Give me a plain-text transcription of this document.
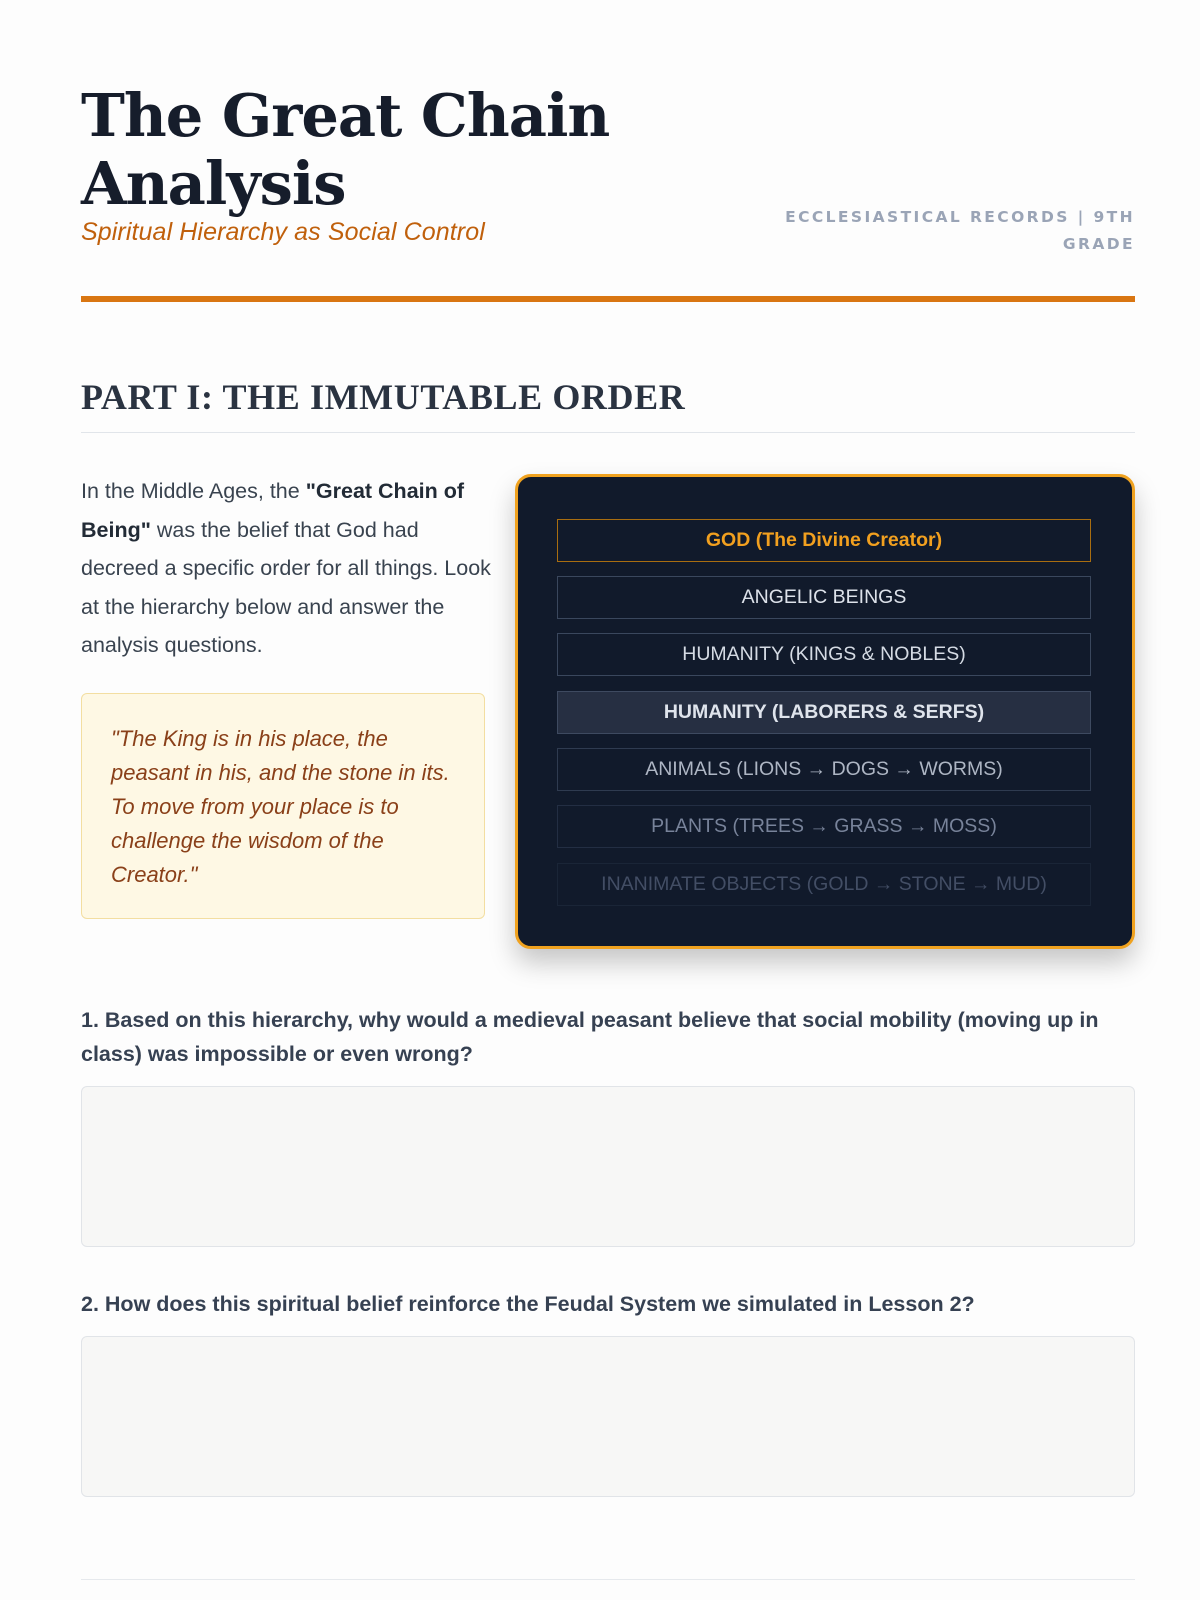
The Great Chain Analysis
Spiritual Hierarchy as Social Control
ECCLESIASTICAL RECORDS | 9TH GRADE
PART I: THE IMMUTABLE ORDER

In the Middle Ages, the "Great Chain of Being" was the belief that God had decreed a specific order for all things. Look at the hierarchy below and answer the analysis questions.

"The King is in his place, the peasant in his, and the stone in its. To move from your place is to challenge the wisdom of the Creator."

GOD (The Divine Creator)
ANGELIC BEINGS
HUMANITY (KINGS & NOBLES)
HUMANITY (LABORERS & SERFS)
ANIMALS (LIONS → DOGS → WORMS)
PLANTS (TREES → GRASS → MOSS)
INANIMATE OBJECTS (GOLD → STONE → MUD)
1. Based on this hierarchy, why would a medieval peasant believe that social mobility (moving up in class) was impossible or even wrong?
2. How does this spiritual belief reinforce the Feudal System we simulated in Lesson 2?
